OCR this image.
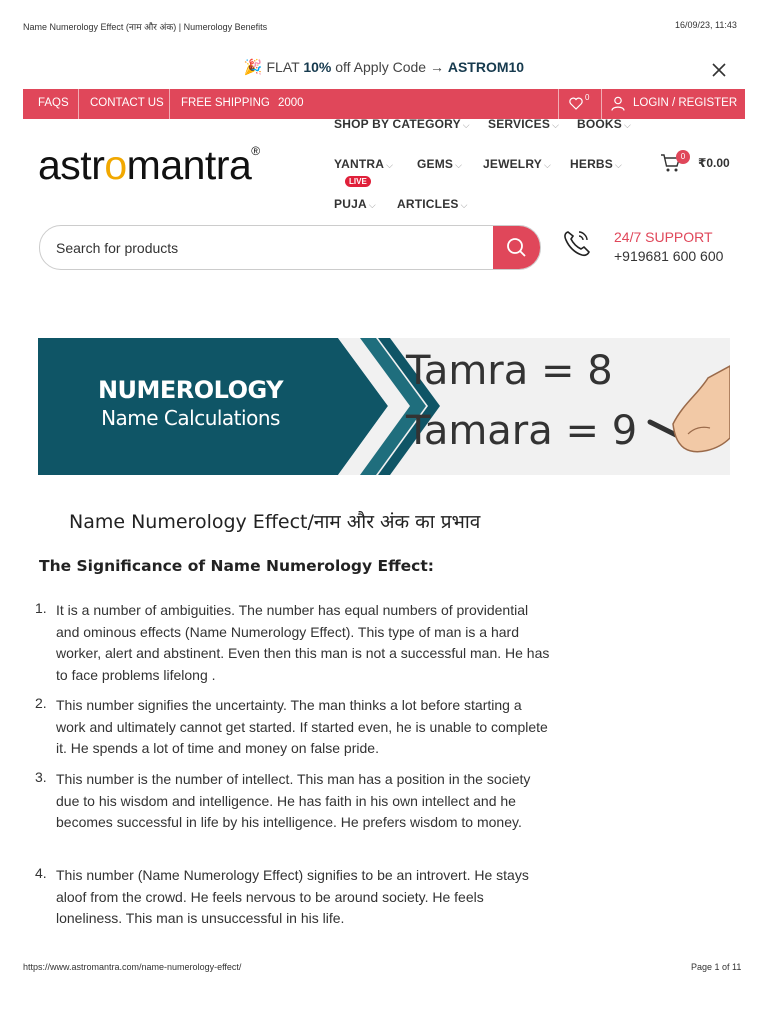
Name Numerology Effect (नाम और अंक) | Numerology Benefits	16/09/23, 11:43
🎉 FLAT 10% off Apply Code → ASTROM10
FAQS CONTACT US FREE SHIPPING 2000	0	LOGIN / REGISTER
astromantra®
SHOP BY CATEGORY ⌵ SERVICES ⌵ BOOKS ⌵
YANTRA ⌵ GEMS ⌵ JEWELRY ⌵ HERBS ⌵
LIVE
PUJA ⌵ ARTICLES ⌵
0	₹0.00
Search for products
24/7 SUPPORT
+919681 600 600
NUMEROLOGY
Name Calculations
Tamra = 8
Tamara = 9
Name Numerology Effect/नाम और अंक का प्रभाव
The Significance of Name Numerology Effect:
1. It is a number of ambiguities. The number has equal numbers of providential and ominous effects (Name Numerology Effect). This type of man is a hard worker, alert and abstinent. Even then this man is not a successful man. He has to face problems lifelong .
2. This number signifies the uncertainty. The man thinks a lot before starting a work and ultimately cannot get started. If started even, he is unable to complete it. He spends a lot of time and money on false pride.
3. This number is the number of intellect. This man has a position in the society due to his wisdom and intelligence. He has faith in his own intellect and he becomes successful in life by his intelligence. He prefers wisdom to money.
4. This number (Name Numerology Effect) signifies to be an introvert. He stays aloof from the crowd. He feels nervous to be around society. He feels loneliness. This man is unsuccessful in his life.
https://www.astromantra.com/name-numerology-effect/	Page 1 of 11
